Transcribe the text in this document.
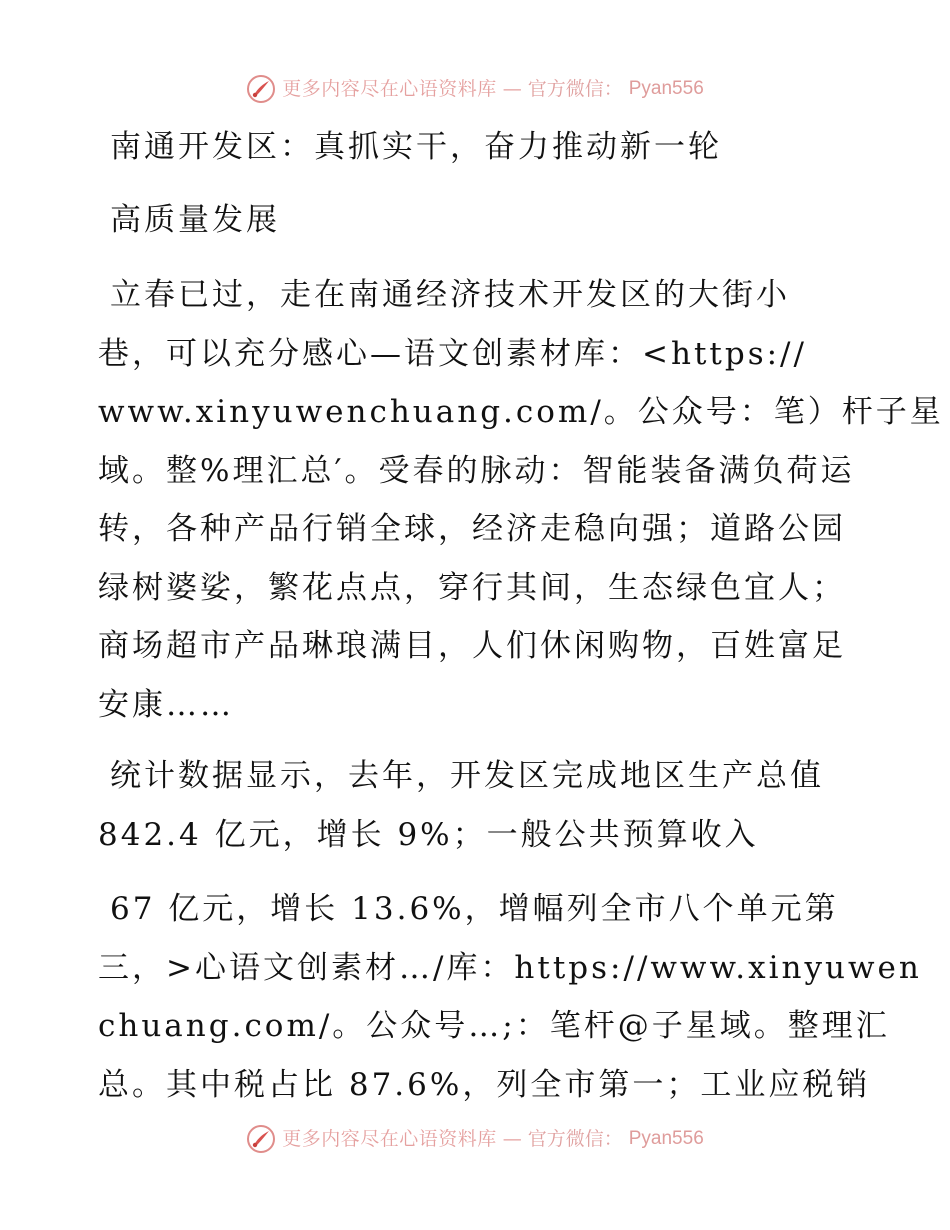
更多内容尽在心语资料库 — 官方微信： Pyan556
南通开发区：真抓实干，奋力推动新一轮
高质量发展
立春已过，走在南通经济技术开发区的大街小
巷，可以充分感心—语文创素材库：<https://
www.xinyuwenchuang.com/。公众号：笔）杆子星
域。整%理汇总′。受春的脉动：智能装备满负荷运
转，各种产品行销全球，经济走稳向强；道路公园
绿树婆娑，繁花点点，穿行其间，生态绿色宜人；
商场超市产品琳琅满目，人们休闲购物，百姓富足
安康……
统计数据显示，去年，开发区完成地区生产总值
842.4 亿元，增长 9%；一般公共预算收入
67 亿元，增长 13.6%，增幅列全市八个单元第
三，>心语文创素材…/库：https://www.xinyuwen
chuang.com/。公众号…;：笔杆@子星域。整理汇
总。其中税占比 87.6%，列全市第一；工业应税销
更多内容尽在心语资料库 — 官方微信： Pyan556
